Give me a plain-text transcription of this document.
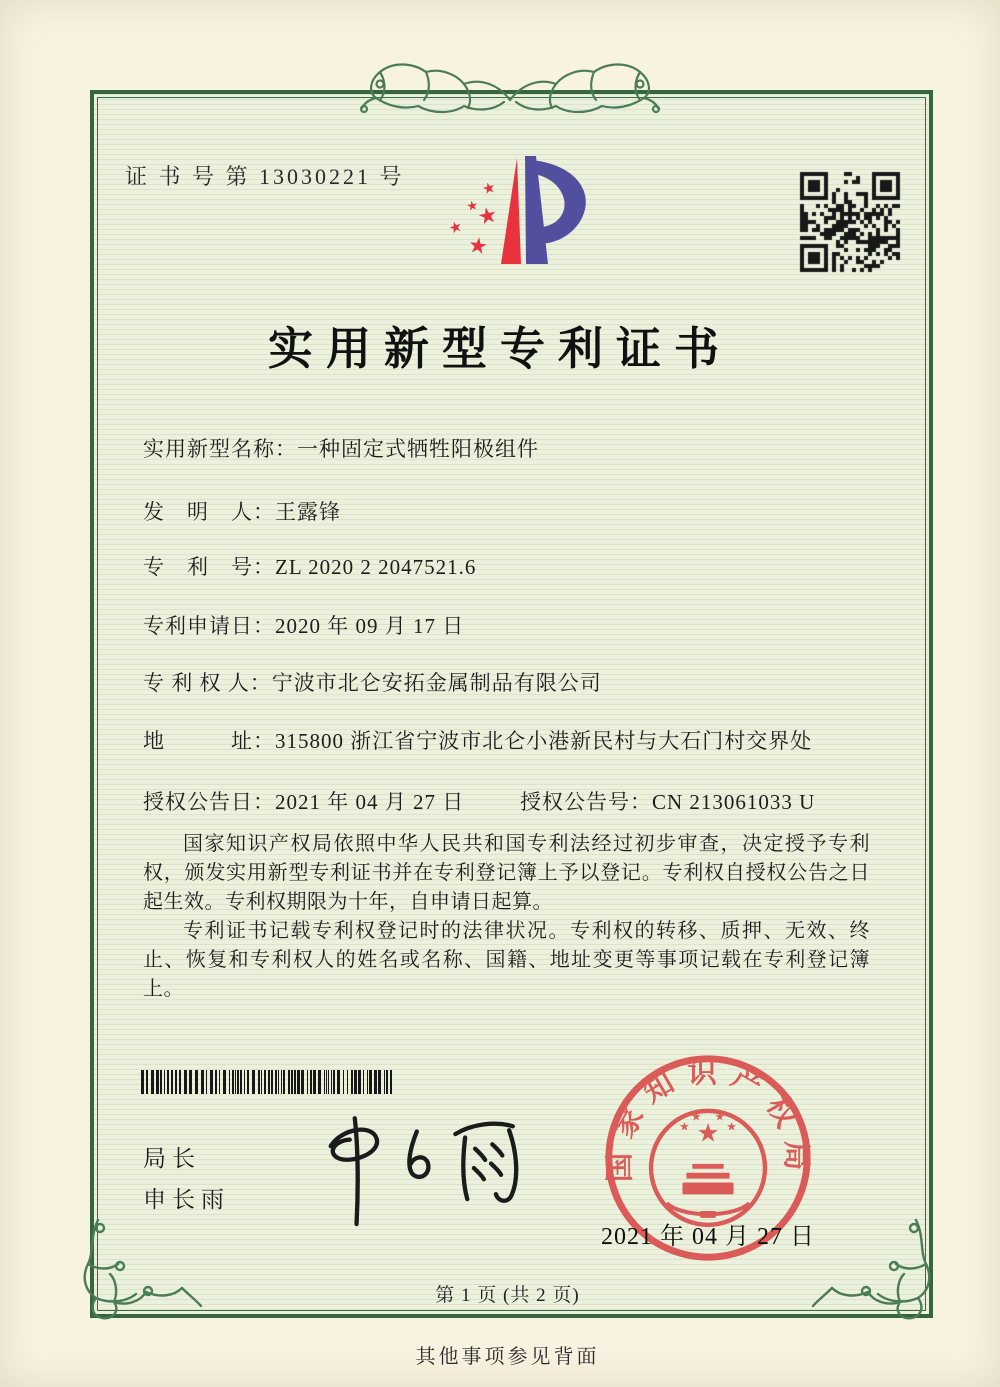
证 书 号 第 13030221 号	★
★
★ ★
★
实用新型专利证书
实用新型名称：一种固定式牺牲阳极组件
发　明　人：王露锋
专　利　号：ZL 2020 2 2047521.6
专利申请日：2020 年 09 月 17 日
专 利 权 人：宁波市北仑安拓金属制品有限公司
地　　　址：315800 浙江省宁波市北仑小港新民村与大石门村交界处
授权公告日：2021 年 04 月 27 日	授权公告号：CN 213061033 U

国家知识产权局依照中华人民共和国专利法经过初步审查，决定授予专利权，颁发实用新型专利证书并在专利登记簿上予以登记。专利权自授权公告之日起生效。专利权期限为十年，自申请日起算。

专利证书记载专利权登记时的法律状况。专利权的转移、质押、无效、终止、恢复和专利权人的姓名或名称、国籍、地址变更等事项记载在专利登记簿上。

局长
申长雨
国家知识产权局
★
★
★ ★
★
2021 年 04 月 27 日
第 1 页 (共 2 页)
其他事项参见背面
